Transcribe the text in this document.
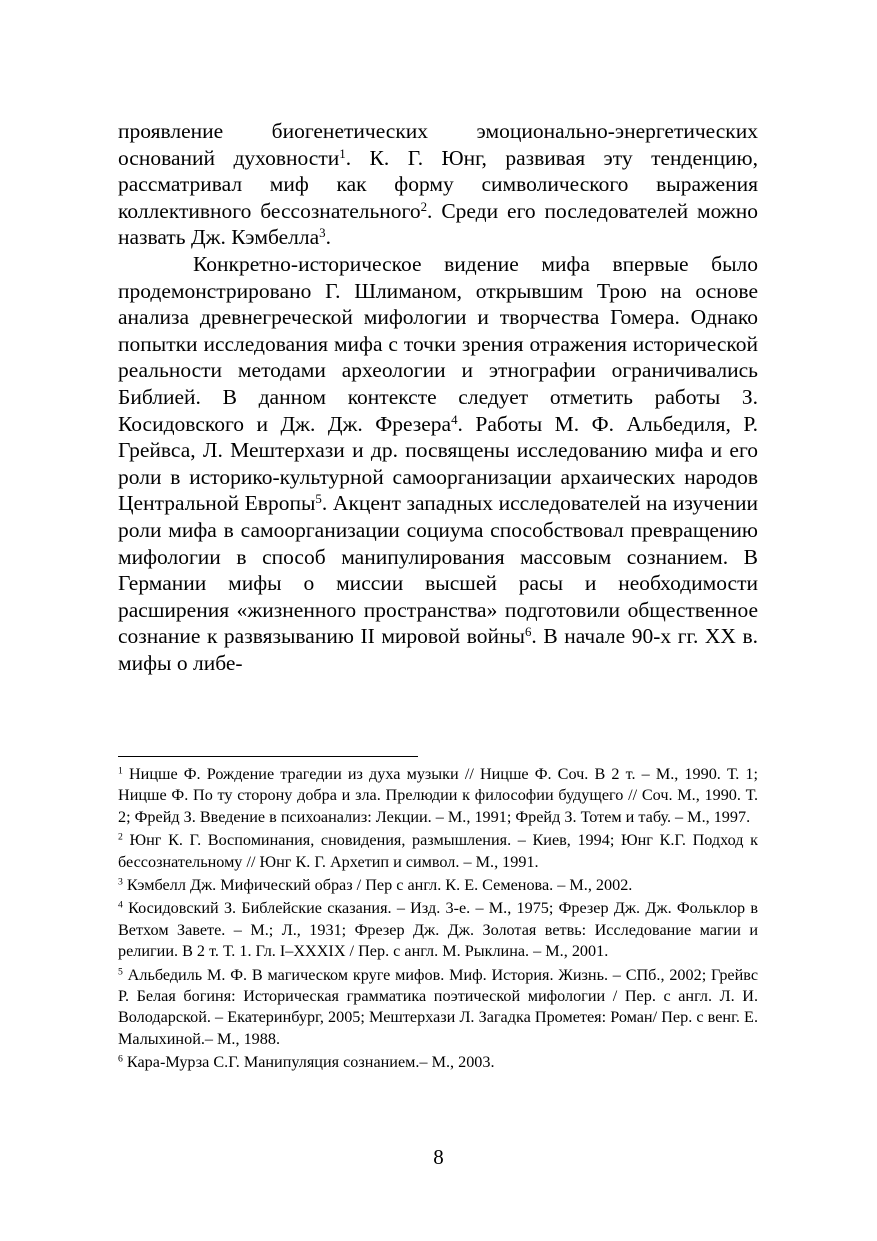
проявление биогенетических эмоционально-энергетических оснований духовности$^1$. К. Г. Юнг, развивая эту тенденцию, рассматривал миф как форму символического выражения коллективного бессознательного$^2$. Среди его последователей можно назвать Дж. Кэмбелла$^3$.

Конкретно-историческое видение мифа впервые было продемонстрировано Г. Шлиманом, открывшим Трою на основе анализа древнегреческой мифологии и творчества Гомера. Однако попытки исследования мифа с точки зрения отражения исторической реальности методами археологии и этнографии ограничивались Библией. В данном контексте следует отметить работы З. Косидовского и Дж. Дж. Фрезера$^4$. Работы М. Ф. Альбедиля, Р. Грейвса, Л. Мештерхази и др. посвящены исследованию мифа и его роли в историко-культурной самоорганизации архаических народов Центральной Европы$^5$. Акцент западных исследователей на изучении роли мифа в самоорганизации социума способствовал превращению мифологии в способ манипулирования массовым сознанием. В Германии мифы о миссии высшей расы и необходимости расширения «жизненного пространства» подготовили общественное сознание к развязыванию II мировой войны$^6$. В начале 90-х гг. XX в. мифы о либе-

$^1$ Ницше Ф. Рождение трагедии из духа музыки // Ницше Ф. Соч. В 2 т. – М., 1990. Т. 1; Ницше Ф. По ту сторону добра и зла. Прелюдии к философии будущего // Соч. М., 1990. Т. 2; Фрейд З. Введение в психоанализ: Лекции. – М., 1991; Фрейд З. Тотем и табу. – М., 1997.

$^2$ Юнг К. Г. Воспоминания, сновидения, размышления. – Киев, 1994; Юнг К.Г. Подход к бессознательному // Юнг К. Г. Архетип и символ. – М., 1991.

$^3$ Кэмбелл Дж. Мифический образ / Пер с англ. К. Е. Семенова. – М., 2002.

$^4$ Косидовский З. Библейские сказания. – Изд. 3-е. – М., 1975; Фрезер Дж. Дж. Фольклор в Ветхом Завете. – М.; Л., 1931; Фрезер Дж. Дж. Золотая ветвь: Исследование магии и религии. В 2 т. Т. 1. Гл. I–XXXIX / Пер. с англ. М. Рыклина. – М., 2001.

$^5$ Альбедиль М. Ф. В магическом круге мифов. Миф. История. Жизнь. – СПб., 2002; Грейвс Р. Белая богиня: Историческая грамматика поэтической мифологии / Пер. с англ. Л. И. Володарской. – Екатеринбург, 2005; Мештерхази Л. Загадка Прометея: Роман/ Пер. с венг. Е. Малыхиной.– М., 1988.

$^6$ Кара-Мурза С.Г. Манипуляция сознанием.– М., 2003.

8
